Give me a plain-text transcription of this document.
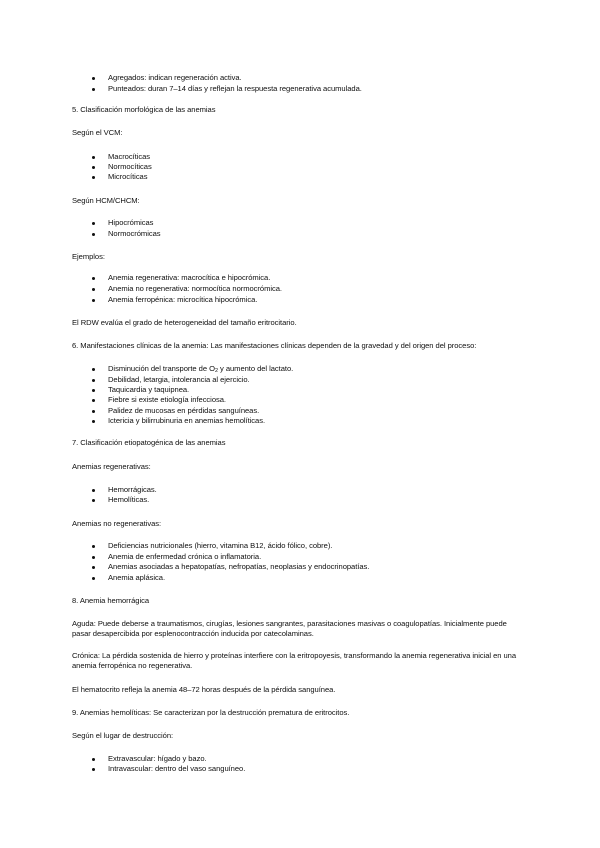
Agregados: indican regeneración activa.
Punteados: duran 7–14 días y reflejan la respuesta regenerativa acumulada.
5. Clasificación morfológica de las anemias
Según el VCM:
Macrocíticas
Normocíticas
Microcíticas
Según HCM/CHCM:
Hipocrómicas
Normocrómicas
Ejemplos:
Anemia regenerativa: macrocítica e hipocrómica.
Anemia no regenerativa: normocítica normocrómica.
Anemia ferropénica: microcítica hipocrómica.
El RDW evalúa el grado de heterogeneidad del tamaño eritrocitario.
6. Manifestaciones clínicas de la anemia: Las manifestaciones clínicas dependen de la gravedad y del origen del proceso:
Disminución del transporte de $O_2$ y aumento del lactato.
Debilidad, letargia, intolerancia al ejercicio.
Taquicardia y taquipnea.
Fiebre si existe etiología infecciosa.
Palidez de mucosas en pérdidas sanguíneas.
Ictericia y bilirrubinuria en anemias hemolíticas.
7. Clasificación etiopatogénica de las anemias
Anemias regenerativas:
Hemorrágicas.
Hemolíticas.
Anemias no regenerativas:
Deficiencias nutricionales (hierro, vitamina B12, ácido fólico, cobre).
Anemia de enfermedad crónica o inflamatoria.
Anemias asociadas a hepatopatías, nefropatías, neoplasias y endocrinopatías.
Anemia aplásica.
8. Anemia hemorrágica
Aguda: Puede deberse a traumatismos, cirugías, lesiones sangrantes, parasitaciones masivas o coagulopatías. Inicialmente puede pasar desapercibida por esplenocontracción inducida por catecolaminas.
Crónica: La pérdida sostenida de hierro y proteínas interfiere con la eritropoyesis, transformando la anemia regenerativa inicial en una anemia ferropénica no regenerativa.
El hematocrito refleja la anemia 48–72 horas después de la pérdida sanguínea.
9. Anemias hemolíticas: Se caracterizan por la destrucción prematura de eritrocitos.
Según el lugar de destrucción:
Extravascular: hígado y bazo.
Intravascular: dentro del vaso sanguíneo.
